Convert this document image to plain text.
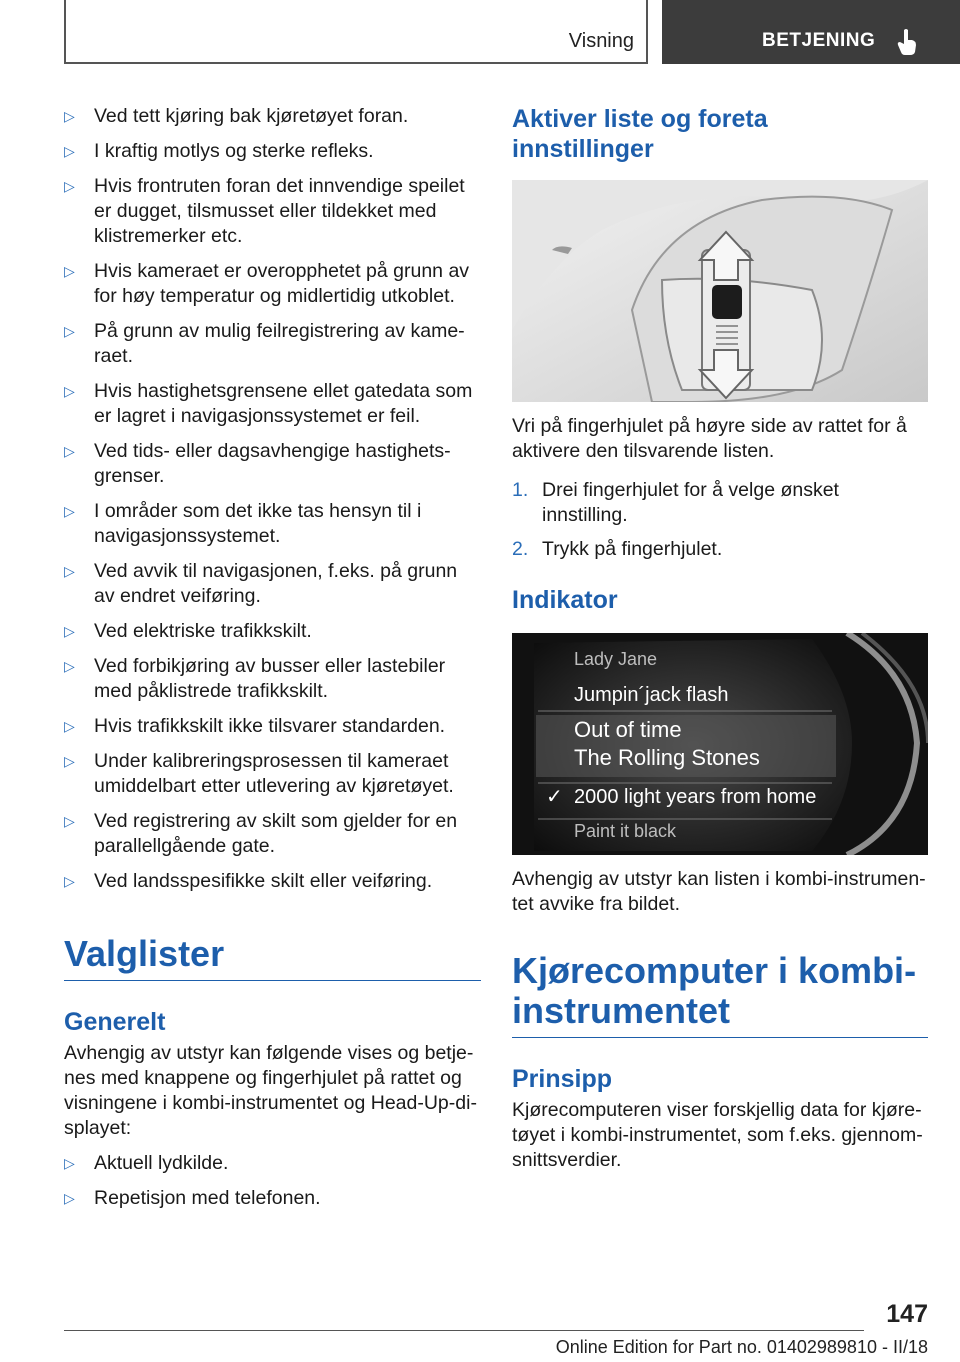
Visning	BETJENING
▷ Ved tett kjøring bak kjøretøyet foran.
▷ I kraftig motlys og sterke refleks.
▷ Hvis frontruten foran det innvendige speilet er dugget, tilsmusset eller tildekket med klistremerker etc.
▷ Hvis kameraet er overopphetet på grunn av for høy temperatur og midlertidig utkoblet.
▷ På grunn av mulig feilregistrering av kameraet.
▷ Hvis hastighetsgrensene ellet gatedata som er lagret i navigasjonssystemet er feil.
▷ Ved tids- eller dagsavhengige hastighetsgrenser.
▷ I områder som det ikke tas hensyn til i navigasjonssystemet.
▷ Ved avvik til navigasjonen, f.eks. på grunn av endret veiføring.
▷ Ved elektriske trafikkskilt.
▷ Ved forbikjøring av busser eller lastebiler med påklistrede trafikkskilt.
▷ Hvis trafikkskilt ikke tilsvarer standarden.
▷ Under kalibreringsprosessen til kameraet umiddelbart etter utlevering av kjøretøyet.
▷ Ved registrering av skilt som gjelder for en parallellgående gate.
▷ Ved landsspesifikke skilt eller veiføring.
Valglister
Generelt

Avhengig av utstyr kan følgende vises og betjenes med knappene og fingerhjulet på rattet og visningene i kombi-instrumentet og Head-Up-displayet:

▷ Aktuell lydkilde.
▷ Repetisjon med telefonen.
Aktiver liste og foreta innstillinger

Vri på fingerhjulet på høyre side av rattet for å aktivere den tilsvarende listen.

1. Drei fingerhjulet for å velge ønsket innstilling.
2. Trykk på fingerhjulet.
Indikator
Lady Jane
Jumpin´jack flash
Out of time
The Rolling Stones
✓ 2000 light years from home
Paint it black

Avhengig av utstyr kan listen i kombi-instrumentet avvike fra bildet.

Kjørecomputer i kombiinstrumentet
Prinsipp

Kjørecomputeren viser forskjellig data for kjøretøyet i kombi-instrumentet, som f.eks. gjennomsnittsverdier.

147
Online Edition for Part no. 01402989810 - II/18
